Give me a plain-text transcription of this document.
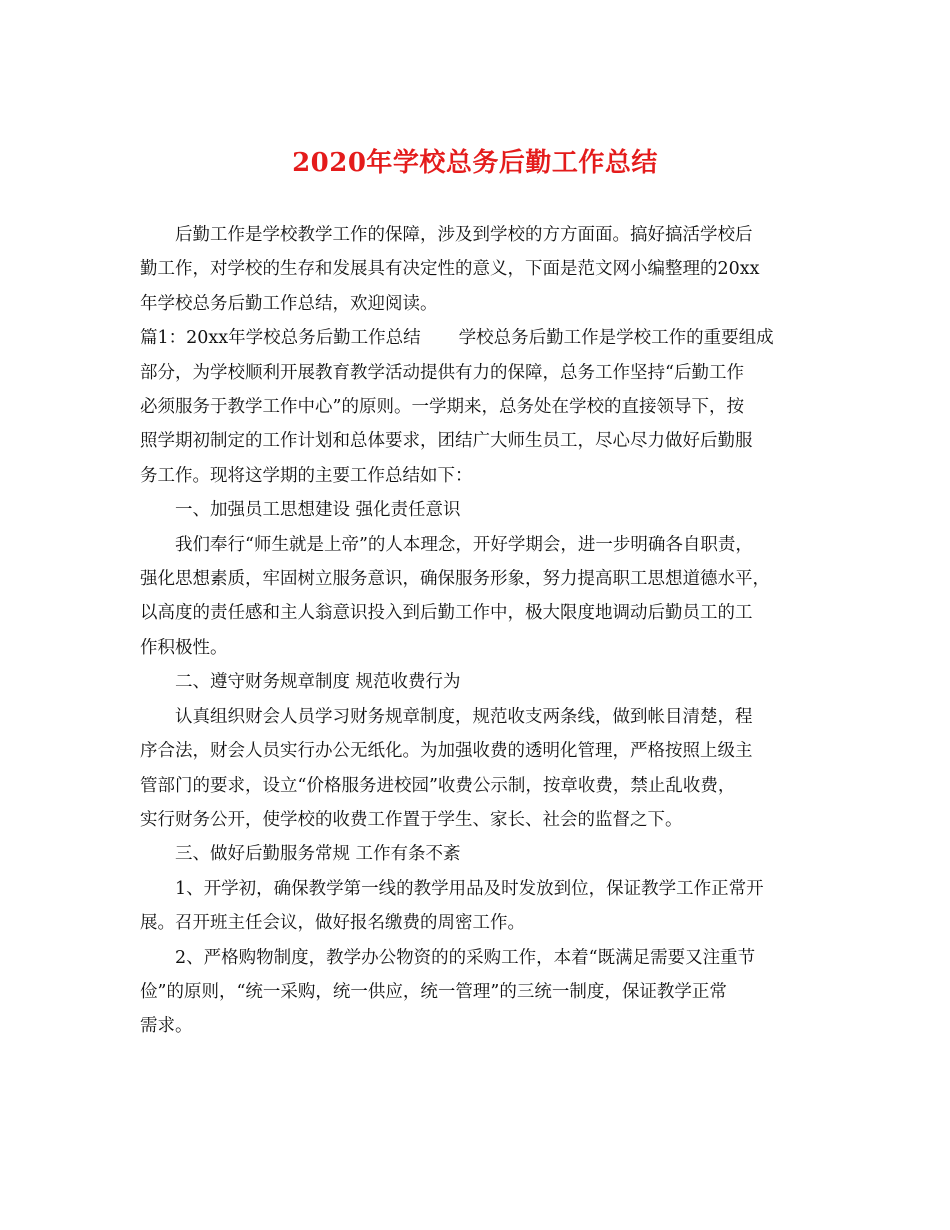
2020年学校总务后勤工作总结
后勤工作是学校教学工作的保障，涉及到学校的方方面面。搞好搞活学校后
勤工作，对学校的生存和发展具有决定性的意义，下面是范文网小编整理的20xx
年学校总务后勤工作总结，欢迎阅读。
篇1：20xx年学校总务后勤工作总结 学校总务后勤工作是学校工作的重要组成
部分，为学校顺利开展教育教学活动提供有力的保障，总务工作坚持“后勤工作
必须服务于教学工作中心”的原则。一学期来，总务处在学校的直接领导下，按
照学期初制定的工作计划和总体要求，团结广大师生员工，尽心尽力做好后勤服
务工作。现将这学期的主要工作总结如下：
一、加强员工思想建设 强化责任意识
我们奉行“师生就是上帝”的人本理念，开好学期会，进一步明确各自职责，
强化思想素质，牢固树立服务意识，确保服务形象，努力提高职工思想道德水平，
以高度的责任感和主人翁意识投入到后勤工作中，极大限度地调动后勤员工的工
作积极性。
二、遵守财务规章制度 规范收费行为
认真组织财会人员学习财务规章制度，规范收支两条线，做到帐目清楚，程
序合法，财会人员实行办公无纸化。为加强收费的透明化管理，严格按照上级主
管部门的要求，设立“价格服务进校园”收费公示制，按章收费，禁止乱收费，
实行财务公开，使学校的收费工作置于学生、家长、社会的监督之下。
三、做好后勤服务常规 工作有条不紊
1、开学初，确保教学第一线的教学用品及时发放到位，保证教学工作正常开
展。召开班主任会议，做好报名缴费的周密工作。
2、严格购物制度，教学办公物资的的采购工作，本着“既满足需要又注重节
俭”的原则，“统一采购，统一供应，统一管理”的三统一制度，保证教学正常
需求。
